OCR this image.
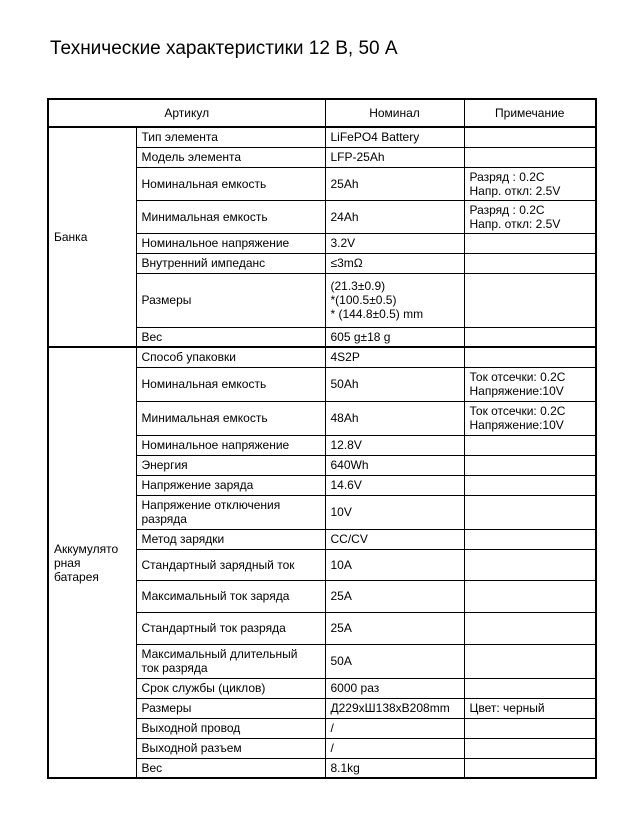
Технические характеристики 12 В, 50 А
Артикул		Номинал	Примечание
Банка	Тип элемента	LiFePO4 Battery	
	Модель элемента	LFP-25Ah	
	Номинальная емкость	25Ah	Разряд : 0.2C
Напр. откл: 2.5V
	Минимальная емкость	24Ah	Разряд : 0.2C
Напр. откл: 2.5V
	Номинальное напряжение	3.2V	
	Внутренний импеданс	≤3mΩ	
	Размеры	(21.3±0.9)
*(100.5±0.5)
* (144.8±0.5) mm	
	Вес	605 g±18 g	
Аккумулято
рная
батарея	Способ упаковки	4S2P	
	Номинальная емкость	50Ah	Ток отсечки: 0.2C
Напряжение:10V
	Минимальная емкость	48Ah	Ток отсечки: 0.2C
Напряжение:10V
	Номинальное напряжение	12.8V	
	Энергия	640Wh	
	Напряжение заряда	14.6V	
	Напряжение отключения
разряда	10V	
	Метод зарядки	CC/CV	
	Стандартный зарядный ток	10A	
	Максимальный ток заряда	25A	
	Стандартный ток разряда	25A	
	Максимальный длительный
ток разряда	50A	
	Срок службы (циклов)	6000 раз	
	Размеры	Д229хШ138хВ208mm	Цвет: черный
	Выходной провод	/	
	Выходной разъем	/	
	Вес	8.1kg	
